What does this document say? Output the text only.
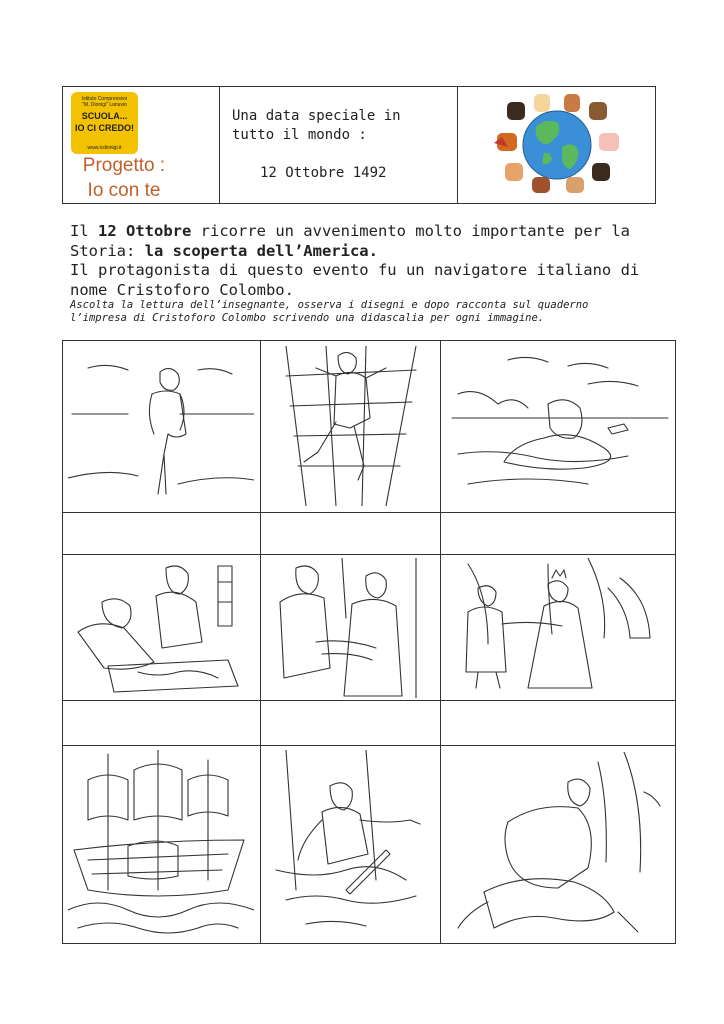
Istituto Comprensivo
"M. Dionigi" Lanuvio
SCUOLA...
IO CI CREDO!
www.icdionigi.it
Progetto :
Io con te
Una data speciale in
tutto il mondo :
12 Ottobre 1492
Il 12 Ottobre ricorre un avvenimento molto importante per la Storia: la scoperta dell’America.
Il protagonista di questo evento fu un navigatore italiano di nome Cristoforo Colombo.
Ascolta la lettura dell’insegnante, osserva i disegni e dopo racconta sul quaderno l’impresa di Cristoforo Colombo scrivendo una didascalia per ogni immagine.
